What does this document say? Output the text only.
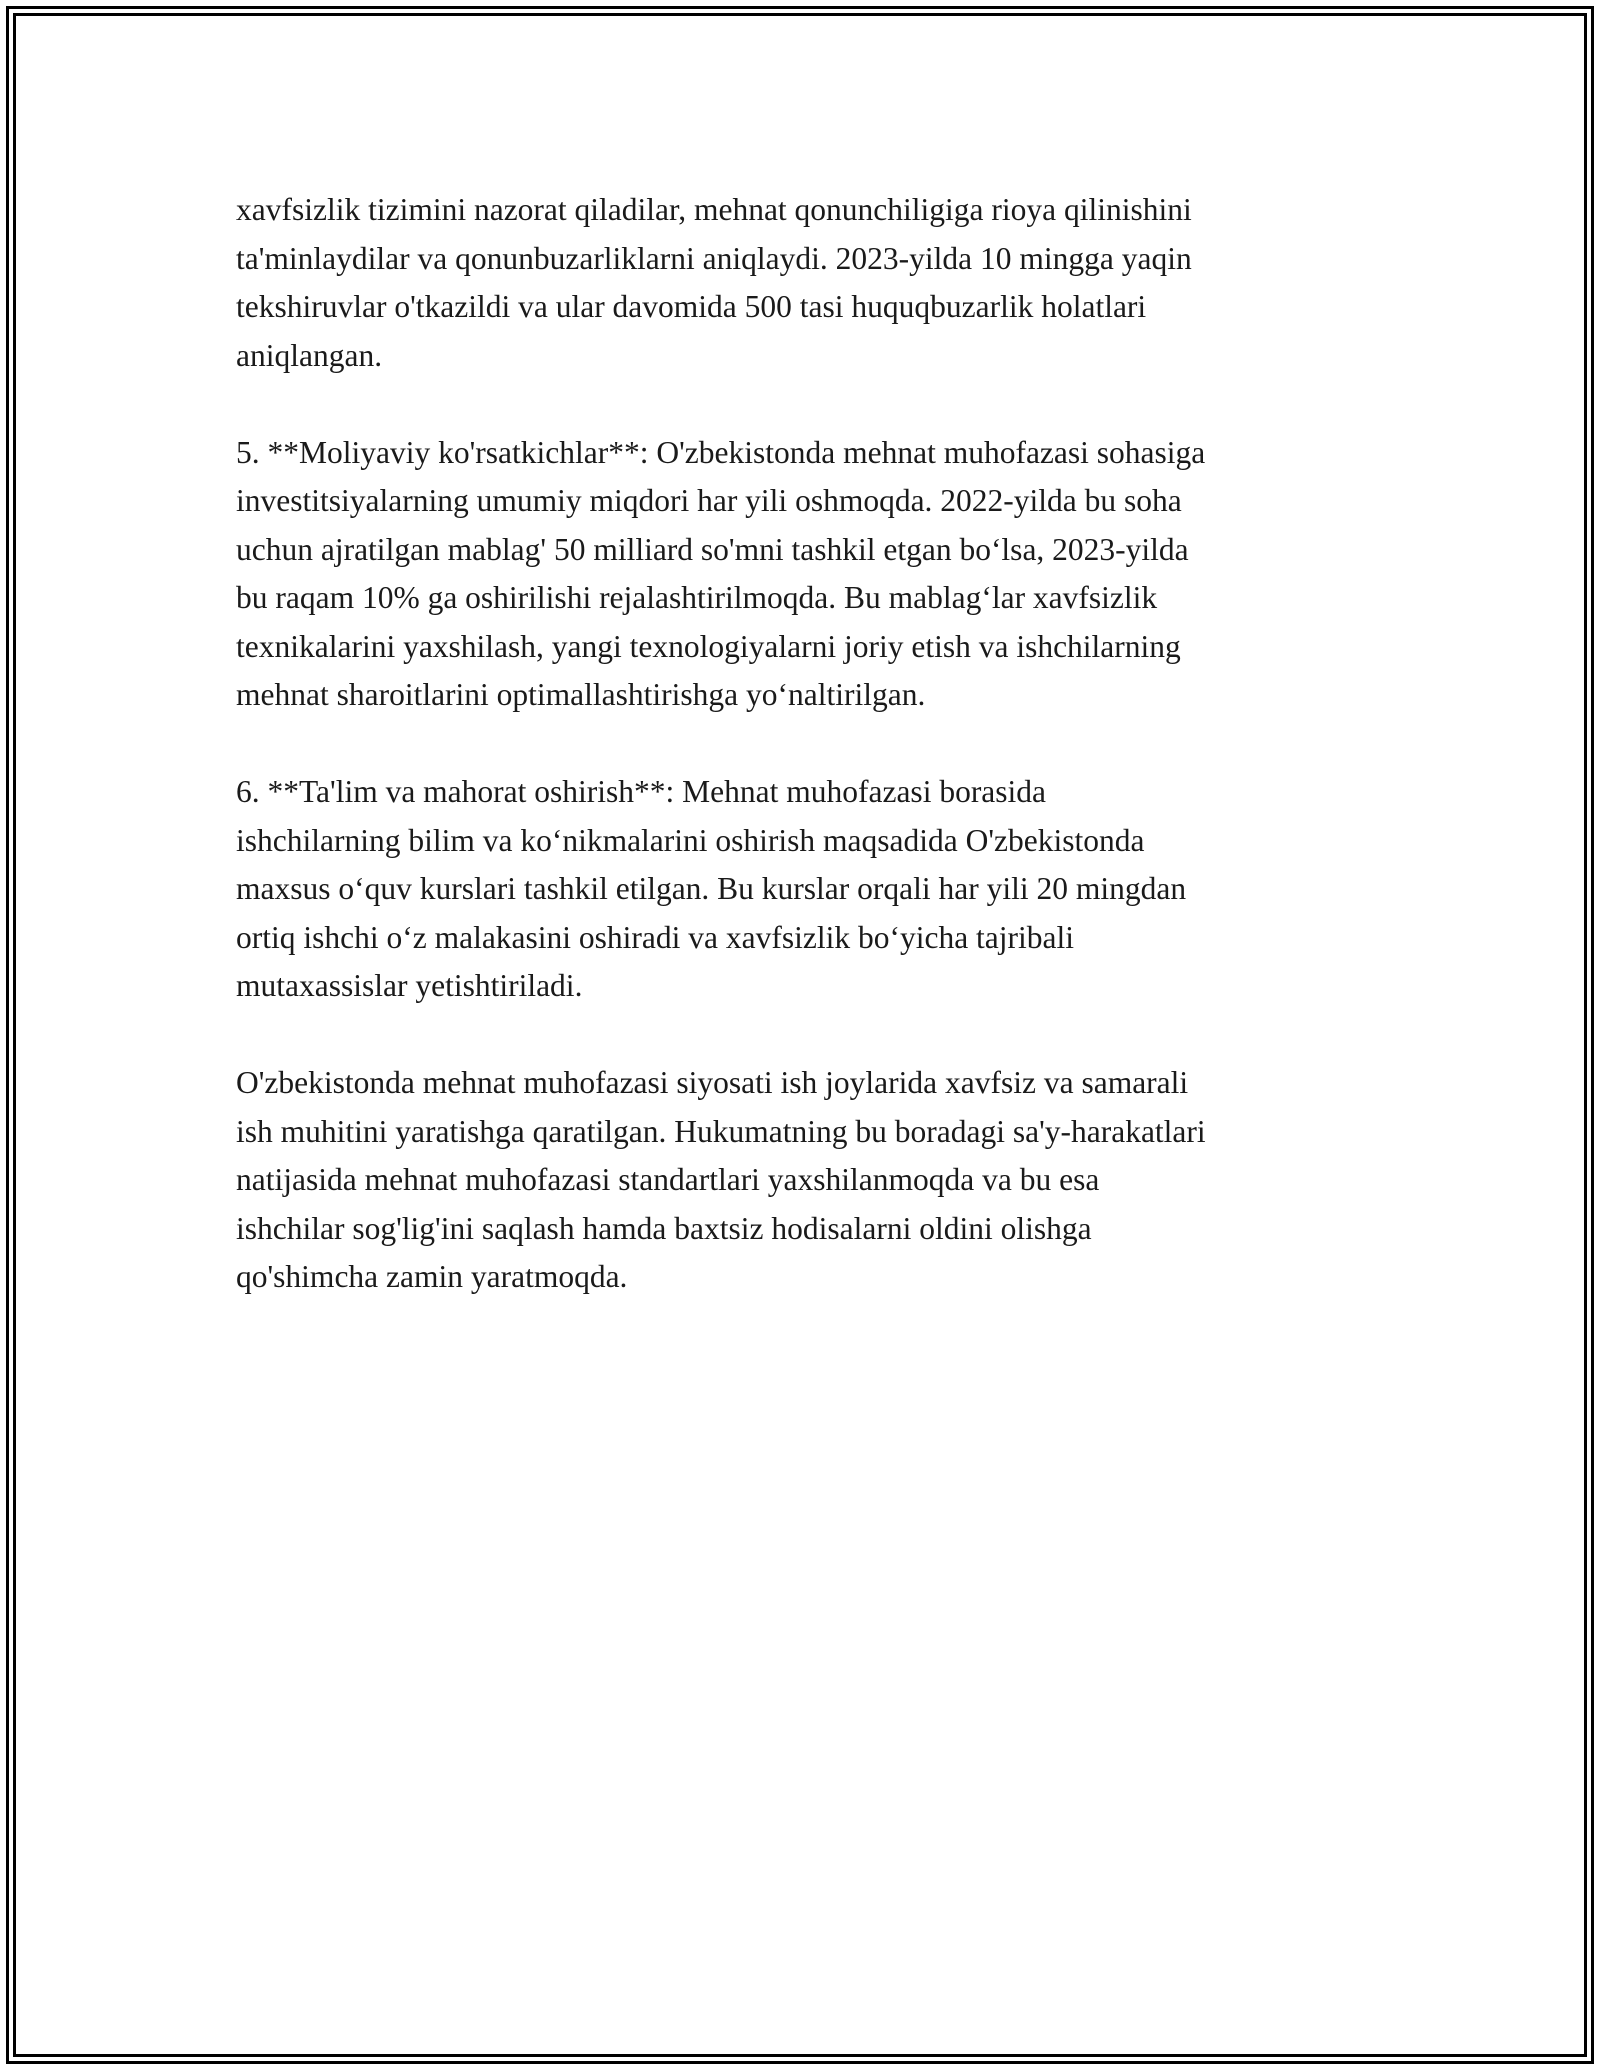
xavfsizlik tizimini nazorat qiladilar, mehnat qonunchiligiga rioya qilinishini
ta'minlaydilar va qonunbuzarliklarni aniqlaydi. 2023-yilda 10 mingga yaqin
tekshiruvlar o'tkazildi va ular davomida 500 tasi huquqbuzarlik holatlari
aniqlangan.

5. **Moliyaviy ko'rsatkichlar**: O'zbekistonda mehnat muhofazasi sohasiga
investitsiyalarning umumiy miqdori har yili oshmoqda. 2022-yilda bu soha
uchun ajratilgan mablag' 50 milliard so'mni tashkil etgan bo‘lsa, 2023-yilda
bu raqam 10% ga oshirilishi rejalashtirilmoqda. Bu mablag‘lar xavfsizlik
texnikalarini yaxshilash, yangi texnologiyalarni joriy etish va ishchilarning
mehnat sharoitlarini optimallashtirishga yo‘naltirilgan.

6. **Ta'lim va mahorat oshirish**: Mehnat muhofazasi borasida
ishchilarning bilim va ko‘nikmalarini oshirish maqsadida O'zbekistonda
maxsus o‘quv kurslari tashkil etilgan. Bu kurslar orqali har yili 20 mingdan
ortiq ishchi o‘z malakasini oshiradi va xavfsizlik bo‘yicha tajribali
mutaxassislar yetishtiriladi.

O'zbekistonda mehnat muhofazasi siyosati ish joylarida xavfsiz va samarali
ish muhitini yaratishga qaratilgan. Hukumatning bu boradagi sa'y-harakatlari
natijasida mehnat muhofazasi standartlari yaxshilanmoqda va bu esa
ishchilar sog'lig'ini saqlash hamda baxtsiz hodisalarni oldini olishga
qo'shimcha zamin yaratmoqda.
